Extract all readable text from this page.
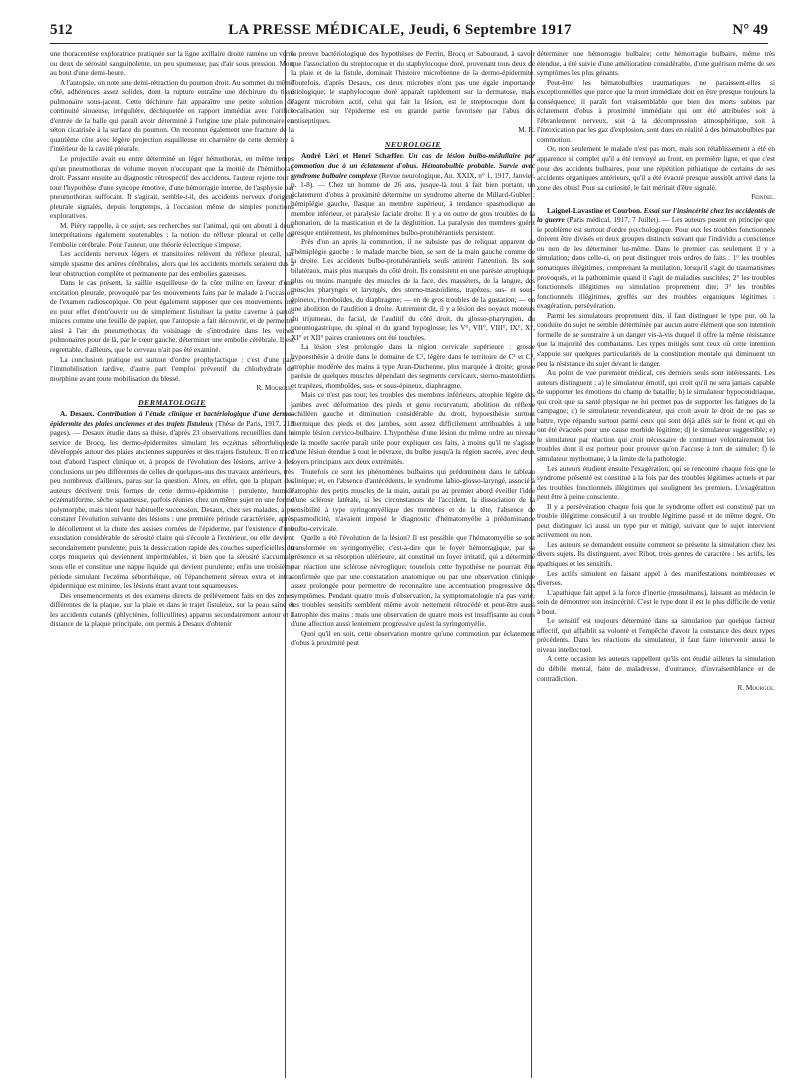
512	LA PRESSE MÉDICALE, Jeudi, 6 Septembre 1917	N° 49

une thoracentèse exploratrice pratiquée sur la ligne axillaire droite ramène un verre ou deux de sérosité sanguinolente, un peu spumeuse; pas d'air sous pression. Mort au bout d'une demi-heure.

A l'autopsie, on note une demi-rétraction du poumon droit. Au sommet du même côté, adhérences assez solides, dont la rupture entraîne une déchirure du tissu pulmonaire sous-jacent. Cette déchirure fait apparaître une petite solution de continuité sinueuse, irrégulière, déchiquetée en rapport immédiat avec l'orifice d'entrée de la balle qui paraît avoir déterminé à l'origine une plaie pulmonaire en séton cicatrisée à la surface du poumon. On reconnut également une fracture de la quatrième côte avec légère projection esquilleuse en charnière de cette dernière à l'intérieur de la cavité pleurale.

Le projectile avait eu entre déterminé un léger hémothorax, en même temps qu'un pneumothorax de volume moyen n'occupant que la moitié de l'hémithorax droit. Passant ensuite au diagnostic rétrospectif des accidents, l'auteur rejette tour à tour l'hypothèse d'une syncope émotive, d'une hémorragie interne, de l'asphyxie par pneumothorax suffocant. Il s'agirait, semble-t-il, des accidents nerveux d'origine pleurale signalés, depuis longtemps, à l'occasion même de simples ponctions exploratives.

M. Piéry rappelle, à ce sujet, ses recherches sur l'animal, qui ont abouti à deux interprétations également soutenables : la notion du réflexe pleural et celle de l'embolie cérébrale. Pour l'auteur, une théorie éclectique s'impose.

Les accidents nerveux légers et transitoires relèvent du réflexe pleural, par simple spasme des artères cérébrales, alors que les accidents mortels seraient dus à leur obstruction complète et permanente par des embolies gazeuses.

Dans le cas présent, la saillie esquilleuse de la côte milite en faveur d'une excitation pleurale, provoquée par les mouvements faits par le malade à l'occasion de l'examen radioscopique. On peut également supposer que ces mouvements ont eu pour effet d'entr'ouvrir ou de simplement fistuliser la petite caverne à parois minces comme une feuille de papier, que l'autopsie a fait découvrir, et de permettre ainsi à l'air du pneumothorax du voisinage de s'introduire dans les veines pulmonaires pour de là, par le cœur gauche, déterminer une embolie cérébrale. Il est regrettable, d'ailleurs, que le cerveau n'ait pas été examiné.

La conclusion pratique est surtout d'ordre prophylactique : c'est d'une part l'immobilisation tardive, d'autre part l'emploi préventif du chlorhydrate de morphine avant toute mobilisation du blessé.

R. Mourgue.

DERMATOLOGIE

A. Desaux. Contribution à l'étude clinique et bactériologique d'une dermo-épidermite des plaies anciennes et des trajets fistuleux (Thèse de Paris, 1917, 213 pages). — Desaux étudie dans sa thèse, d'après 23 observations recueillies dans le service de Brocq, les dermo-épidermites simulant les eczémas séborrhéiques, développés autour des plaies anciennes suppurées et des trajets fistuleux. Il en trace tout d'abord l'aspect clinique et, à propos de l'évolution des lésions, arrive à des conclusions un peu différentes de celles de quelques-uns des travaux antérieurs, très peu nombreux d'ailleurs, parus sur la question. Alors, en effet, que la plupart des auteurs décrivent trois formes de cette dermo-épidermite : purulente, humide eczématiforme, sèche squameuse, parfois réunies chez un même sujet en une forme polymorphe, mais nient leur habituelle succession, Desaux, chez ses malades, a pu constater l'évolution suivante des lésions : une première période caractérisée, après le décollement et la chute des assises cornées de l'épiderme, par l'existence d'une exsudation considérable de sérosité claire qui s'écoule à l'extérieur, ou elle devient secondairement purulente; puis la dessiccation rapide des couches superficielles du corps muqueux qui deviennent imperméables, si bien que la sérosité s'accumule sous elle et constitue une nappe liquide qui devient purulente; enfin une troisième période simulant l'eczéma séborrhéique, où l'épanchement séreux extra et intra-épidermique est minime, les lésions étant avant tout squameuses.

Des ensemencements et des examens directs de prélèvement faits en des zones différentes de la plaque, sur la plaie et dans le trajet fistuleux, sur la peau saine et les accidents cutanés (phlyctènes, follicullites) apparus secondairement autour et à distance de la plaque principale, ont permis à Desaux d'obtenir

la preuve bactériologique des hypothèses de Perrin, Brocq et Sabouraud, à savoir que l'association du streptocoque et du staphylocoque doré, provenant tous deux de la plaie et de la fistule, dominait l'histoire microbienne de la dermo-épidermite. Toutefois, d'après Desaux, ces deux microbes n'ont pas une égale importance étiologique; le staphylocoque doré apparaît rapidement sur la dermatose, mais l'agent microbien actif, celui qui fait la lésion, est le streptocoque dont la localisation sur l'épiderme est en grande partie favorisée par l'abus des antiseptiques.

M. R.

NEUROLOGIE

André Léri et Henri Schæffer. Un cas de lésion bulbo-médullaire par commotion due à un éclatement d'obus. Hématobulbie probable. Survie avec syndrome bulbaire complexe (Revue neurologique, An. XXIX, n° 1, 1917, Janvier, p. 1-8). — Chez un homme de 26 ans, jusque-là tout à fait bien portant, un éclatement d'obus à proximité détermine un syndrome alterne de Millard-Gubler : hémiplégie gauche, flasque au membre supérieur, à tendance spasmodique au membre inférieur, et paralysie faciale droite. Il y a en outre de gros troubles de la phonation, de la mastication et de la déglutition. La paralysie des membres guérit presque entièrement, les phénomènes bulbo-protubérantiels persistent.

Près d'un an après la commotion, il ne subsiste pas de reliquat apparent de l'hémiplégie gauche : le malade marche bien, se sert de la main gauche comme de la droite. Les accidents bulbo-protubérantiels seuls attirent l'attention. Ils sont bilatéraux, mais plus marqués du côté droit. Ils consistent en une parésie atrophique plus ou moins marquée des muscles de la face, des masséters, de la langue, des muscles pharyngés et laryngés, des sterno-mastoïdiens, trapèzes, sus- et sous-épineux, rhomboïdes, du diaphragme; — en de gros troubles de la gustation; — en une abolition de l'audition à droite. Autrement dit, il y a lésion des noyaux moteurs du trijumeau, du facial, de l'auditif du côté droit, du glosso-pharyngien, du pneumogastrique, du spinal et du grand hypoglosse; les V°, VII°, VIII°, IX°, X°, XI° et XII° paires craniennes ont été touchées.

La lésion s'est prolongée dans la région cervicale supérieure : grosse hypoesthésie à droite dans le domaine de C², légère dans le territoire de C³ et C⁴, atrophie modérée des mains à type Aran-Duchenne, plus marquée à droite; grosse parésie de quelques muscles dépendant des segments cervicaux, sterno-mastoïdiens et trapèzes, rhomboïdes, sus- et sous-épineux, diaphragme.

Mais ce n'est pas tout; les troubles des membres inférieurs, atrophie légère des jambes avec déformation des pieds et genu recurvatum, abolition du réflexe achilléen gauche et diminution considérable du droit, hypoesthésie surtout thermique des pieds et des jambes, sont assez difficilement attribuables à une simple lésion cervico-bulbaire. L'hypothèse d'une lésion du même ordre au niveau de la moelle sacrée paraît utile pour expliquer ces faits, à moins qu'il ne s'agisse d'une lésion étendue à tout le névraxe, du bulbe jusqu'à la région sacrée, avec deux foyers principaux aux deux extrémités.

Toutefois ce sont les phénomènes bulbaires qui prédominent dans le tableau clinique; et, en l'absence d'antécédents, le syndrome labio-glosso-laryngé, associé à l'atrophie des petits muscles de la main, aurait pu au premier abord éveiller l'idée d'une sclérose latérale, si les circonstances de l'accident, la dissociation de la sensibilité à type syringomyélique des membres et de la tête, l'absence de spasmodicité, n'avaient imposé le diagnostic d'hématomyélie à prédominance bulbo-cervicale.

Quelle a été l'évolution de la lésion? Il est possible que l'hématomyélie se soit transformée en syringomyélie; c'est-à-dire que le foyer hémorragique, par sa présence et sa résorption ultérieure, ait constitué un foyer irritatif, qui a déterminé par réaction une sclérose névroglique; toutefois cette hypothèse ne pourrait être confirmée que par une constatation anatomique ou par une observation clinique assez prolongée pour permettre de reconnaître une accentuation progressive des symptômes. Pendant quatre mois d'observation, la symptomatologie n'a pas varié; les troubles sensitifs semblent même avoir nettement rétrocédé et peut-être aussi l'atrophie des mains : mais une observation de quatre mois est insuffisante au cours d'une affection aussi lentement progressive qu'est la syringomyélie.

Quoi qu'il en soit, cette observation montre qu'une commotion par éclatement d'obus à proximité peut

déterminer une hémorragie bulbaire; cette hémorragie bulbaire, même très étendue, a été suivie d'une amélioration considérable, d'une guérison même de ses symptômes les plus génants.

Peut-être les hématobulbies traumatiques ne paraissent-elles si exceptionnelles que parce que la mort immédiate doit en être presque toujours la conséquence; il paraît fort vraisemblable que bien des morts subites par éclatement d'obus à proximité immédiate qui ont été attribuées soit à l'ébranlement nerveux, soit à la décompression atmosphérique, soit à l'intoxication par les gaz d'explosion, sont dues en réalité à des hématobulbies par commotion.

Or, non seulement le malade n'est pas mort, mais son rétablissement a été en apparence si complet qu'il a été renvoyé au front, en première ligne, et que c'est pour des accidents bulbaires, pour une répétition pithiatique de certains de ses accidents organiques antérieurs, qu'il a été évacué presque aussitôt arrivé dans la zone des obus! Pour sa curiosité, le fait méritait d'être signalé.

Feindel.

Laignel-Lavastine et Courbon. Essai sur l'insincérité chez les accidentés de la guerre (Paris médical, 1917, 7 Juillet). — Les auteurs posent en principe que le problème est surtout d'ordre psychologique. Pour eux les troubles fonctionnels doivent être divisés en deux groupes distincts suivant que l'individu a conscience ou non de les déterminer lui-même. Dans le premier cas seulement il y a simulation; dans celle-ci, on peut distinguer trois ordres de faits : 1° les troubles somatiques illégitimes, comprenant la mutilation, lorsqu'il s'agit de traumatismes provoqués, et la pathomimie quand il s'agit de maladies suscitées; 2° les troubles fonctionnels illégitimes ou simulation proprement dite; 3° les troubles fonctionnels illégitimes, greffés sur des troubles organiques légitimes : exagération, persévération.

Parmi les simulateurs proprement dits, il faut distinguer le type pur, où la conduite du sujet ne semble déterminée par aucun autre élément que son intention formelle de se soustraire à un danger vis-à-vis duquel il offre la même résistance que la majorité des combattants. Les types mitigés sont ceux où cette intention s'appuie sur quelques particularités de la constitution mentale qui diminuent un peu la résistance du sujet devant le danger.

Au point de vue purement médical, ces derniers seuls sont intéressants. Les auteurs distinguent : a) le simulateur émotif, qui croit qu'il ne sera jamais capable de supporter les émotions du champ de bataille; b) le simulateur hypocondriaque, qui croit que sa santé physique ne lui permet pas de supporter les fatigues de la campagne; c) le simulateur revendicateur, qui croit avoir le droit de ne pas se battre, type répandu surtout parmi ceux qui sont déjà allés sur le front et qui en ont été évacués pour une cause morbide légitime; d) le simulateur suggestible; e) le simulateur par réaction qui croit nécessaire de continuer volontairement les troubles dont il est porteur pour prouver qu'on l'accuse à tort de simuler; f) le simulateur mythomane, à la limite de la pathologie.

Les auteurs étudient ensuite l'exagération, qui se rencontre chaque fois que le syndrome présenté est constitué à la fois par des troubles légitimes actuels et par des troubles fonctionnels illégitimes qui soulignent les premiers. L'exagération peut être à peine consciente.

Il y a persévération chaque fois que le syndrome offert est constitué par un trouble illégitime consécutif à un trouble légitime passé et de même degré. On peut distinguer ici aussi un type pur et mitigé, suivant que le sujet intervient activement ou non.

Les auteurs se demandent ensuite comment se présente la simulation chez les divers sujets. Ils distinguent, avec Ribot, trois genres de caractère : les actifs, les apathiques et les sensitifs.

Les actifs simulent en faisant appel à des manifestations nombreuses et diverses.

L'apathique fait appel à la force d'inertie (musulmans), laissant au médecin le soin de démontrer son insincérité. C'est le type dont il est le plus difficile de venir à bout.

Le sensitif est toujours déterminé dans sa simulation par quelque facteur affectif, qui affaiblit sa volonté et l'empêche d'avoir la constance des deux types précédents. Dans les réactions du simulateur, il faut faire intervenir aussi le niveau intellectuel.

A cette occasion les auteurs rappellent qu'ils ont étudié ailleurs la simulation du débile mental, faite de maladresse, d'outrance, d'invraisemblance et de contradiction.

R. Mourgue.
